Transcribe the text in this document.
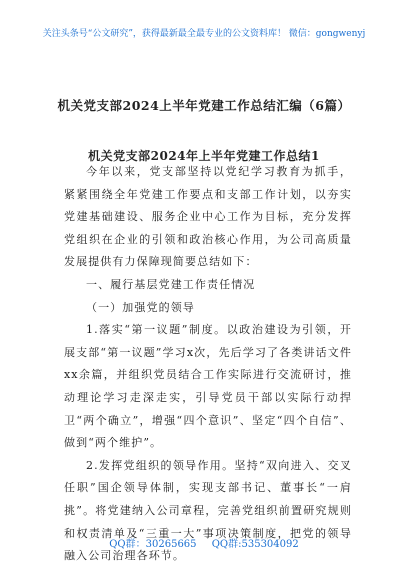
关注头条号“公文研究”，获得最新最全最专业的公文资料库！ 微信：gongwenyj
机关党支部2024上半年党建工作总结汇编（6篇）
机关党支部2024年上半年党建工作总结1

今年以来，党支部坚持以党纪学习教育为抓手，紧紧围绕全年党建工作要点和支部工作计划，以夯实党建基础建设、服务企业中心工作为目标，充分发挥党组织在企业的引领和政治核心作用，为公司高质量发展提供有力保障现简要总结如下：

一、履行基层党建工作责任情况

（一）加强党的领导

1.落实“第一议题”制度。以政治建设为引领，开展支部“第一议题”学习x次，先后学习了各类讲话文件xx余篇，并组织党员结合工作实际进行交流研讨，推动理论学习走深走实，引导党员干部以实际行动捍卫“两个确立”，增强“四个意识”、坚定“四个自信”、做到“两个维护”。

2.发挥党组织的领导作用。坚持“双向进入、交叉任职”国企领导体制，实现支部书记、董事长“一肩挑”。将党建纳入公司章程，完善党组织前置研究规则和权责清单及“三重一大”事项决策制度，把党的领导融入公司治理各环节。

QQ群：30265665 QQ群:535304092
